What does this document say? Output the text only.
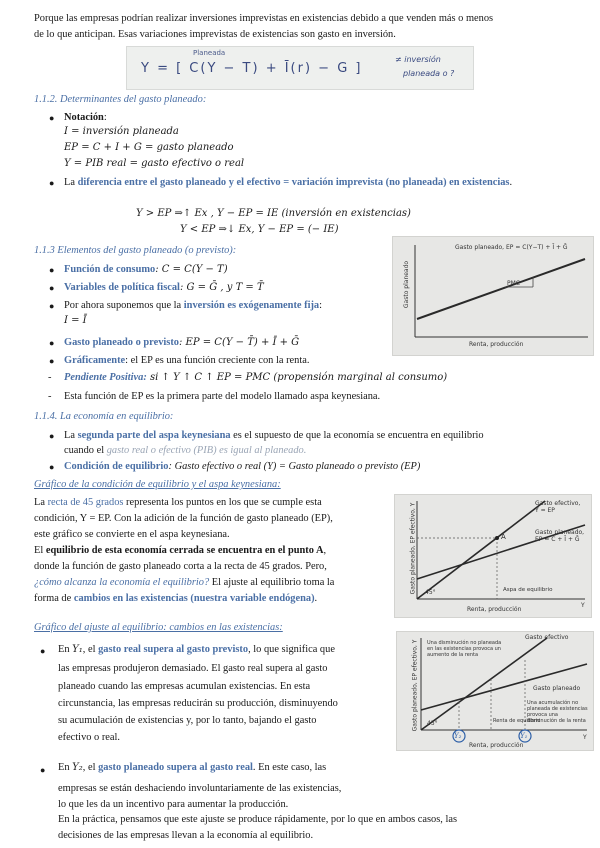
Porque las empresas podrían realizar inversiones imprevistas en existencias debido a que venden más o menos
de lo que anticipan. Esas variaciones imprevistas de existencias son gasto en inversión.
Planeada
Y = [ C(Y − T) + Ī(r) − G ]
≠ inversión
planeada o ?
1.1.2. Determinantes del gasto planeado:
● Notación:
I = inversión planeada
EP = C + I + G = gasto planeado
Y = PIB real = gasto efectivo o real
● La diferencia entre el gasto planeado y el efectivo = variación imprevista (no planeada) en existencias.
Y > EP ⇒↑ Ex , Y − EP = IE (inversión en existencias)
Y < EP ⇒↓ Ex, Y − EP = (− IE)
1.1.3 Elementos del gasto planeado (o previsto):
● Función de consumo: C = C(Y − T)
● Variables de política fiscal: G = Ḡ , y T = T̄
● Por ahora suponemos que la inversión es exógenamente fija:
I = Ī
● Gasto planeado o previsto: EP = C(Y − T̄) + Ī + Ḡ
● Gráficamente: el EP es una función creciente con la renta.
- Pendiente Positiva: si ↑ Y ↑ C ↑ EP = PMC (propensión marginal al consumo)
- Esta función de EP es la primera parte del modelo llamado aspa keynesiana.
Gasto planeado, EP = C(Y−T) + Ī + Ḡ
PMC
Gasto planeado
Renta, producción
1.1.4. La economía en equilibrio:
● La segunda parte del aspa keynesiana es el supuesto de que la economía se encuentra en equilibrio
cuando el gasto real o efectivo (PIB) es igual al planeado.
● Condición de equilibrio: Gasto efectivo o real (Y) = Gasto planeado o previsto (EP)
Gráfico de la condición de equilibrio y el aspa keynesiana:
La recta de 45 grados representa los puntos en los que se cumple esta
condición, Y = EP. Con la adición de la función de gasto planeado (EP),
este gráfico se convierte en el aspa keynesiana.
El equilibrio de esta economía cerrada se encuentra en el punto A,
donde la función de gasto planeado corta a la recta de 45 grados. Pero,
¿cómo alcanza la economía el equilibrio? El ajuste al equilibrio toma la
forma de cambios en las existencias (nuestra variable endógena).
Gasto efectivo,
Y = EP
Gasto planeado,
EP = C + Ī + Ḡ
A
45°	Aspa de equilibrio
Gasto planeado, EP efectivo, Y
Renta, producción
Y
Gráfico del ajuste al equilibrio: cambios en las existencias:
● En Y₁, el gasto real supera al gasto previsto, lo que significa que
las empresas produjeron demasiado. El gasto real supera al gasto
planeado cuando las empresas acumulan existencias. En esta
circunstancia, las empresas reducirán su producción, disminuyendo
su acumulación de existencias y, por lo tanto, bajando el gasto
efectivo o real.
● En Y₂, el gasto planeado supera al gasto real. En este caso, las
empresas se están deshaciendo involuntariamente de las existencias,
lo que les da un incentivo para aumentar la producción.
En la práctica, pensamos que este ajuste se produce rápidamente, por lo que en ambos casos, las
decisiones de las empresas llevan a la economía al equilibrio.
Gasto efectivo
Una disminución no planeada en las existencias provoca un aumento de la renta
Gasto planeado
Una acumulación no planeada de existencias provoca una disminución de la renta
Gasto planeado, EP efectivo, Y 45°	Renta de equilibrio
Y₂	Y₁
Renta, producción
Y
